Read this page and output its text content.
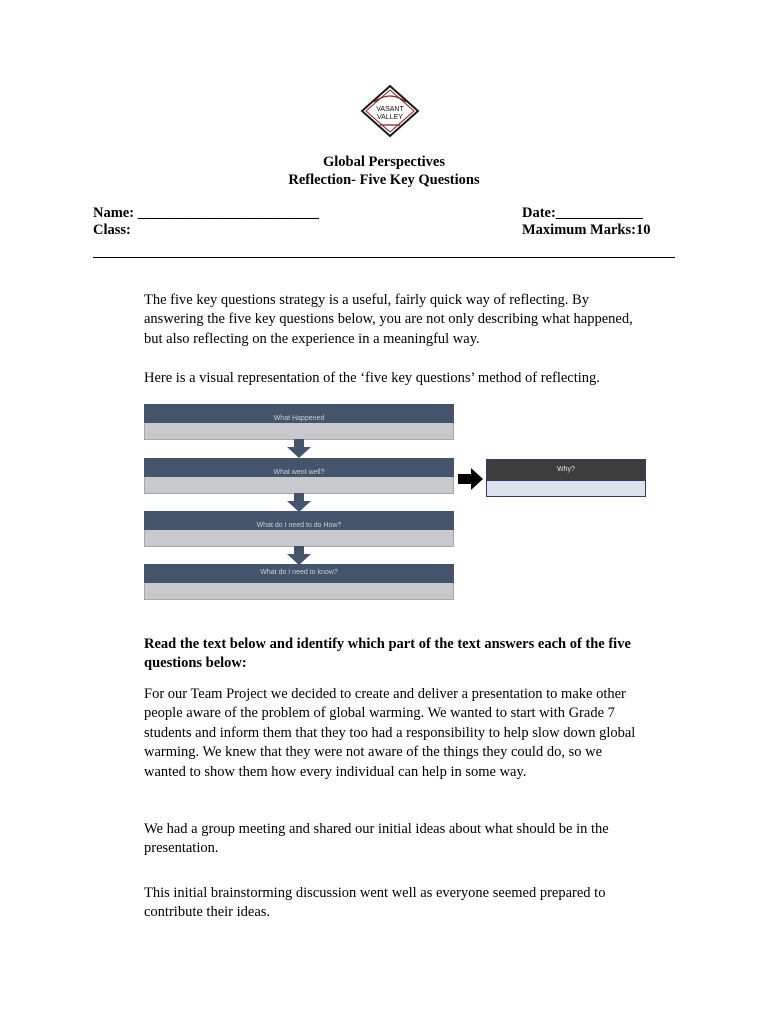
VASANT
VALLEY
Global Perspectives
Reflection- Five Key Questions
Name: _________________________	Date:____________
Class:	Maximum Marks:10
The five key questions strategy is a useful, fairly quick way of reflecting. By answering the five key questions below, you are not only describing what happened, but also reflecting on the experience in a meaningful way.
Here is a visual representation of the ‘five key questions’ method of reflecting.
What Happened
What went well?
What do I need to do How?
What do I need to know?
Why?
Read the text below and identify which part of the text answers each of the five questions below:
For our Team Project we decided to create and deliver a presentation to make other people aware of the problem of global warming. We wanted to start with Grade 7 students and inform them that they too had a responsibility to help slow down global warming. We knew that they were not aware of the things they could do, so we wanted to show them how every individual can help in some way.
We had a group meeting and shared our initial ideas about what should be in the presentation.
This initial brainstorming discussion went well as everyone seemed prepared to contribute their ideas.
